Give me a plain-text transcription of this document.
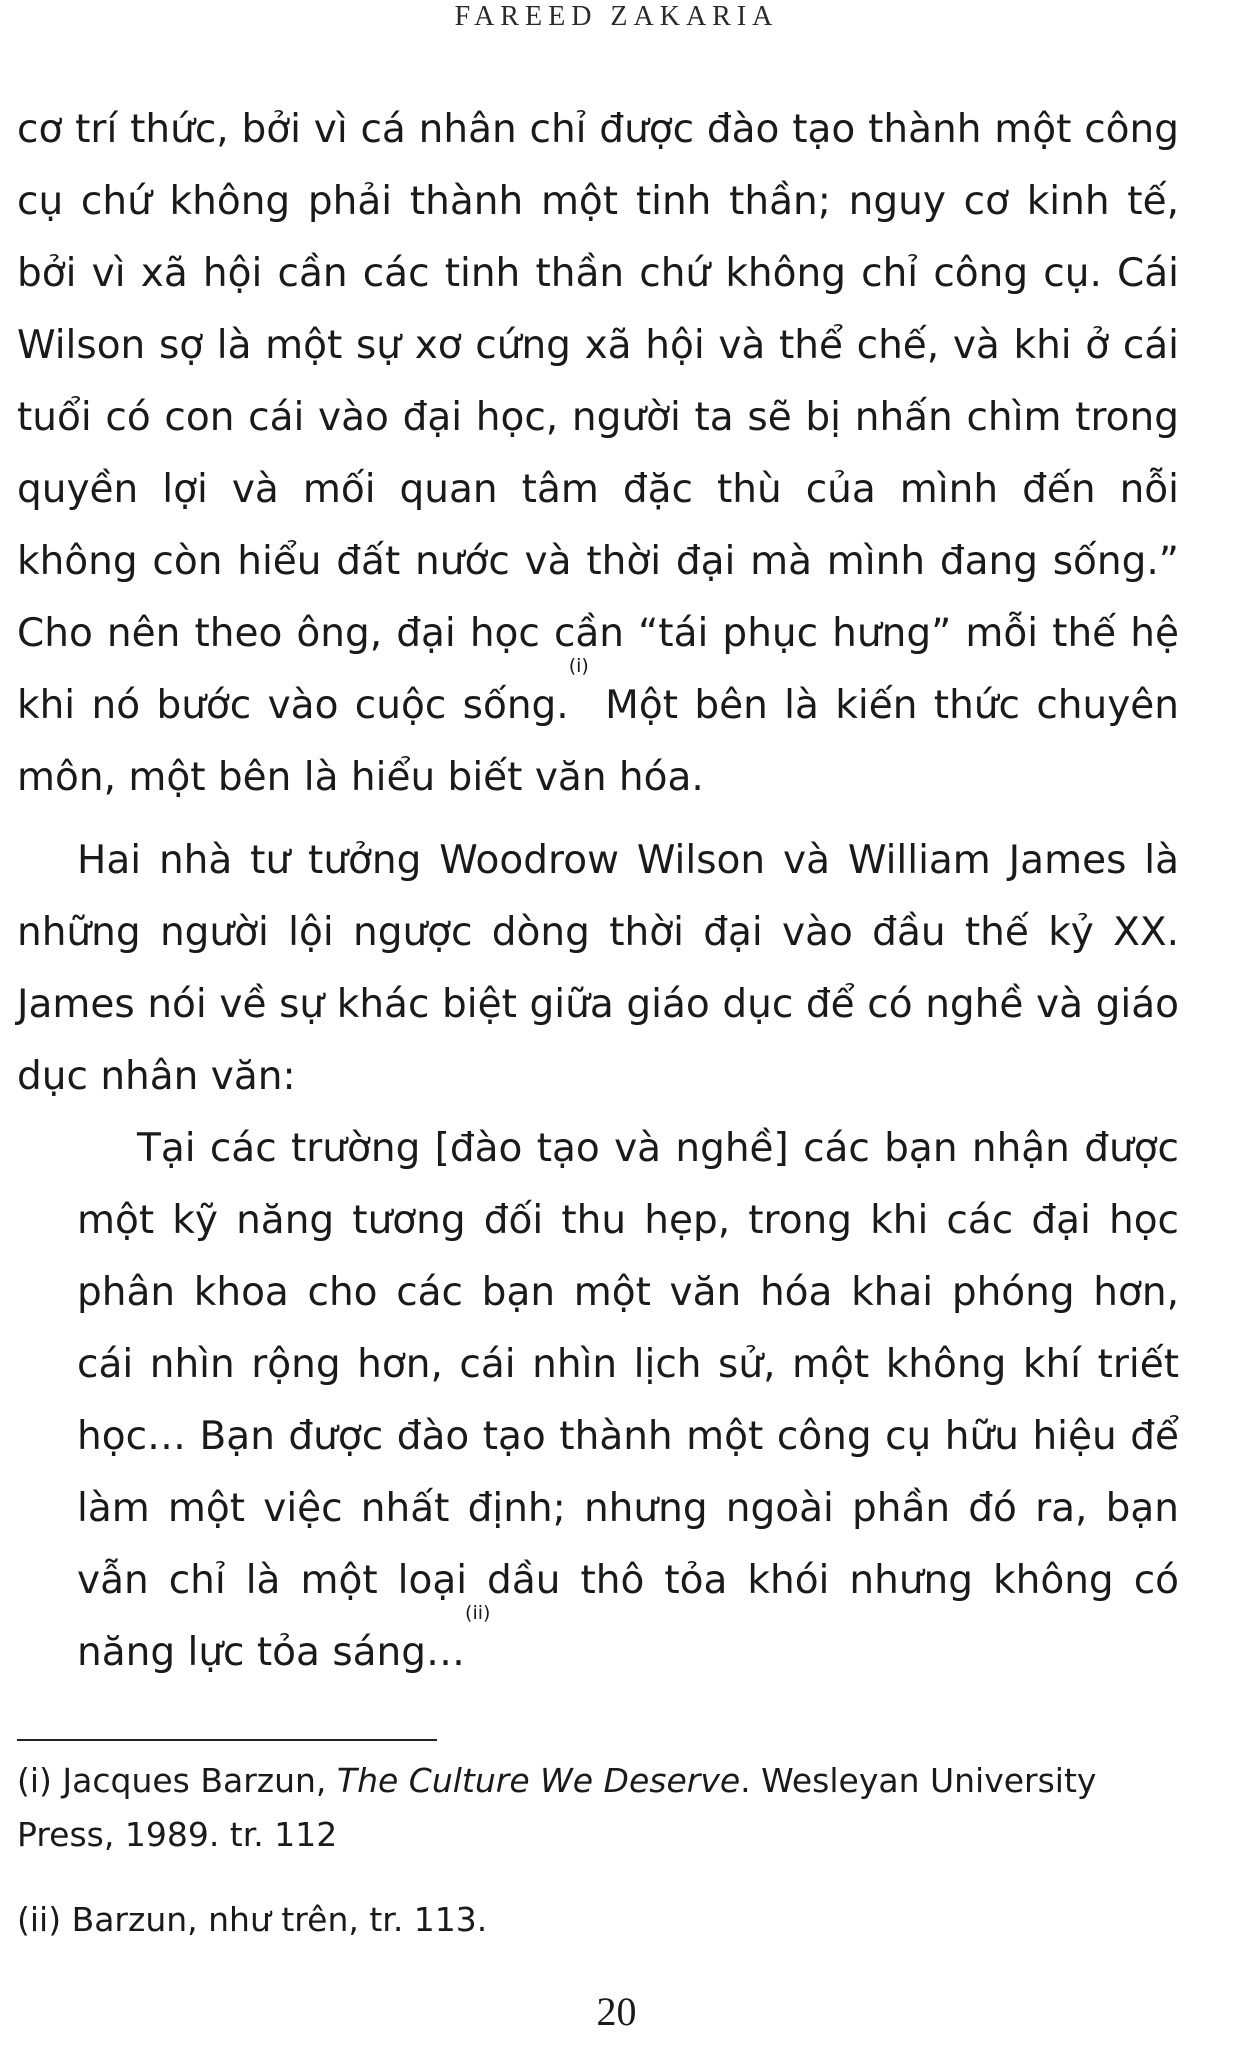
FAREED ZAKARIA
cơ trí thức, bởi vì cá nhân chỉ được đào tạo thành một công cụ chứ không phải thành một tinh thần; nguy cơ kinh tế, bởi vì xã hội cần các tinh thần chứ không chỉ công cụ. Cái Wilson sợ là một sự xơ cứng xã hội và thể chế, và khi ở cái tuổi có con cái vào đại học, người ta sẽ bị nhấn chìm trong quyền lợi và mối quan tâm đặc thù của mình đến nỗi không còn hiểu đất nước và thời đại mà mình đang sống.” Cho nên theo ông, đại học cần “tái phục hưng” mỗi thế hệ khi nó bước vào cuộc sống.$^{(i)}$ Một bên là kiến thức chuyên môn, một bên là hiểu biết văn hóa.
Hai nhà tư tưởng Woodrow Wilson và William James là những người lội ngược dòng thời đại vào đầu thế kỷ XX. James nói về sự khác biệt giữa giáo dục để có nghề và giáo dục nhân văn:
Tại các trường [đào tạo và nghề] các bạn nhận được một kỹ năng tương đối thu hẹp, trong khi các đại học phân khoa cho các bạn một văn hóa khai phóng hơn, cái nhìn rộng hơn, cái nhìn lịch sử, một không khí triết học… Bạn được đào tạo thành một công cụ hữu hiệu để làm một việc nhất định; nhưng ngoài phần đó ra, bạn vẫn chỉ là một loại dầu thô tỏa khói nhưng không có năng lực tỏa sáng…$^{(ii)}$
(i) Jacques Barzun, The Culture We Deserve. Wesleyan University Press, 1989. tr. 112
(ii) Barzun, như trên, tr. 113.
20
